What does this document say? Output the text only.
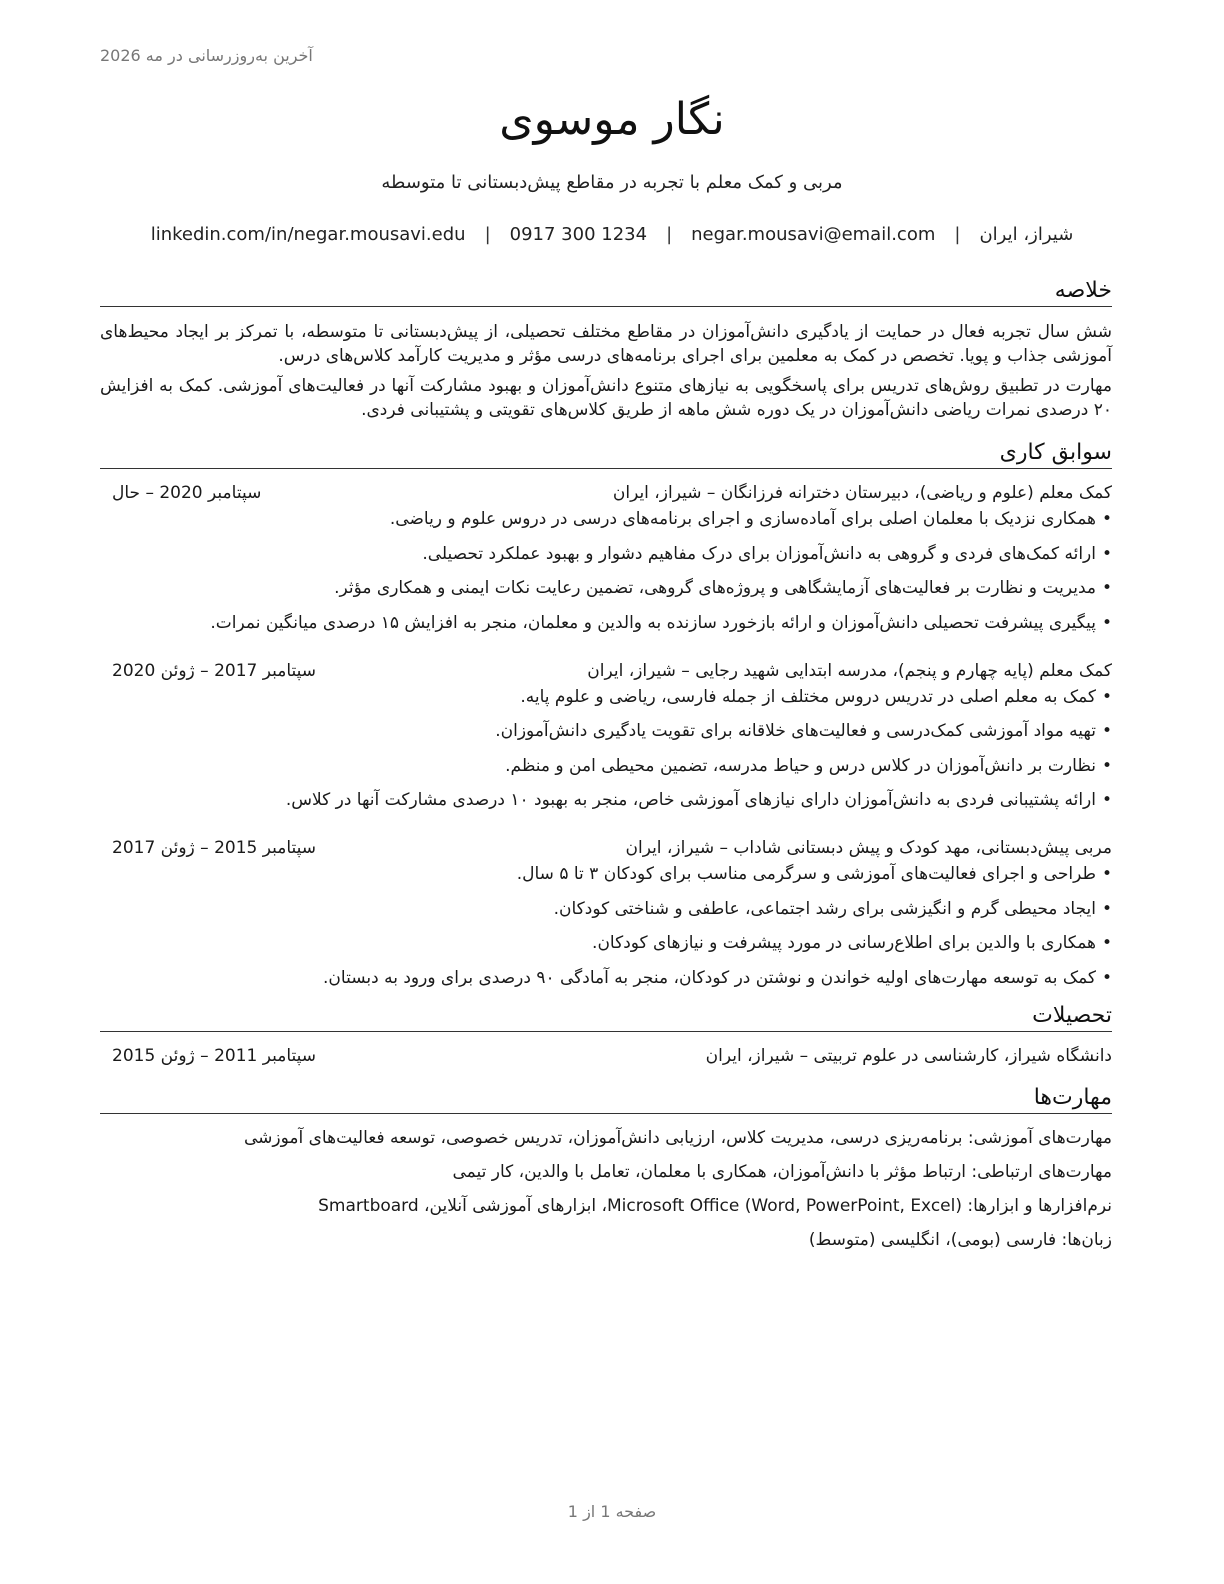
آخرین به‌روزرسانی در مه 2026
نگار موسوی
مربی و کمک معلم با تجربه در مقاطع پیش‌دبستانی تا متوسطه
شیراز، ایران
|
negar.mousavi@email.com
|
0917 300 1234
|
linkedin.com/in/negar.mousavi.edu
خلاصه

شش سال تجربه فعال در حمایت از یادگیری دانش‌آموزان در مقاطع مختلف تحصیلی، از پیش‌دبستانی تا متوسطه، با تمرکز بر ایجاد محیط‌های آموزشی جذاب و پویا. تخصص در کمک به معلمین برای اجرای برنامه‌های درسی مؤثر و مدیریت کارآمد کلاس‌های درس.

مهارت در تطبیق روش‌های تدریس برای پاسخگویی به نیازهای متنوع دانش‌آموزان و بهبود مشارکت آنها در فعالیت‌های آموزشی. کمک به افزایش ۲۰ درصدی نمرات ریاضی دانش‌آموزان در یک دوره شش ماهه از طریق کلاس‌های تقویتی و پشتیبانی فردی.

سوابق کاری
کمک معلم (علوم و ریاضی)، دبیرستان دخترانه فرزانگان – شیراز، ایران
سپتامبر 2020 – حال
• همکاری نزدیک با معلمان اصلی برای آماده‌سازی و اجرای برنامه‌های درسی در دروس علوم و ریاضی.
• ارائه کمک‌های فردی و گروهی به دانش‌آموزان برای درک مفاهیم دشوار و بهبود عملکرد تحصیلی.
• مدیریت و نظارت بر فعالیت‌های آزمایشگاهی و پروژه‌های گروهی، تضمین رعایت نکات ایمنی و همکاری مؤثر.
• پیگیری پیشرفت تحصیلی دانش‌آموزان و ارائه بازخورد سازنده به والدین و معلمان، منجر به افزایش ۱۵ درصدی میانگین نمرات.
کمک معلم (پایه چهارم و پنجم)، مدرسه ابتدایی شهید رجایی – شیراز، ایران
سپتامبر 2017 – ژوئن 2020
• کمک به معلم اصلی در تدریس دروس مختلف از جمله فارسی، ریاضی و علوم پایه.
• تهیه مواد آموزشی کمک‌درسی و فعالیت‌های خلاقانه برای تقویت یادگیری دانش‌آموزان.
• نظارت بر دانش‌آموزان در کلاس درس و حیاط مدرسه، تضمین محیطی امن و منظم.
• ارائه پشتیبانی فردی به دانش‌آموزان دارای نیازهای آموزشی خاص، منجر به بهبود ۱۰ درصدی مشارکت آنها در کلاس.
مربی پیش‌دبستانی، مهد کودک و پیش دبستانی شاداب – شیراز، ایران
سپتامبر 2015 – ژوئن 2017
• طراحی و اجرای فعالیت‌های آموزشی و سرگرمی مناسب برای کودکان ۳ تا ۵ سال.
• ایجاد محیطی گرم و انگیزشی برای رشد اجتماعی، عاطفی و شناختی کودکان.
• همکاری با والدین برای اطلاع‌رسانی در مورد پیشرفت و نیازهای کودکان.
• کمک به توسعه مهارت‌های اولیه خواندن و نوشتن در کودکان، منجر به آمادگی ۹۰ درصدی برای ورود به دبستان.
تحصیلات
دانشگاه شیراز، کارشناسی در علوم تربیتی – شیراز، ایران
سپتامبر 2011 – ژوئن 2015
مهارت‌ها

مهارت‌های آموزشی: برنامه‌ریزی درسی، مدیریت کلاس، ارزیابی دانش‌آموزان، تدریس خصوصی، توسعه فعالیت‌های آموزشی

مهارت‌های ارتباطی: ارتباط مؤثر با دانش‌آموزان، همکاری با معلمان، تعامل با والدین، کار تیمی

نرم‌افزارها و ابزارها: Microsoft Office (Word, PowerPoint, Excel)، ابزارهای آموزشی آنلاین، Smartboard

زبان‌ها: فارسی (بومی)، انگلیسی (متوسط)

صفحه 1 از 1
